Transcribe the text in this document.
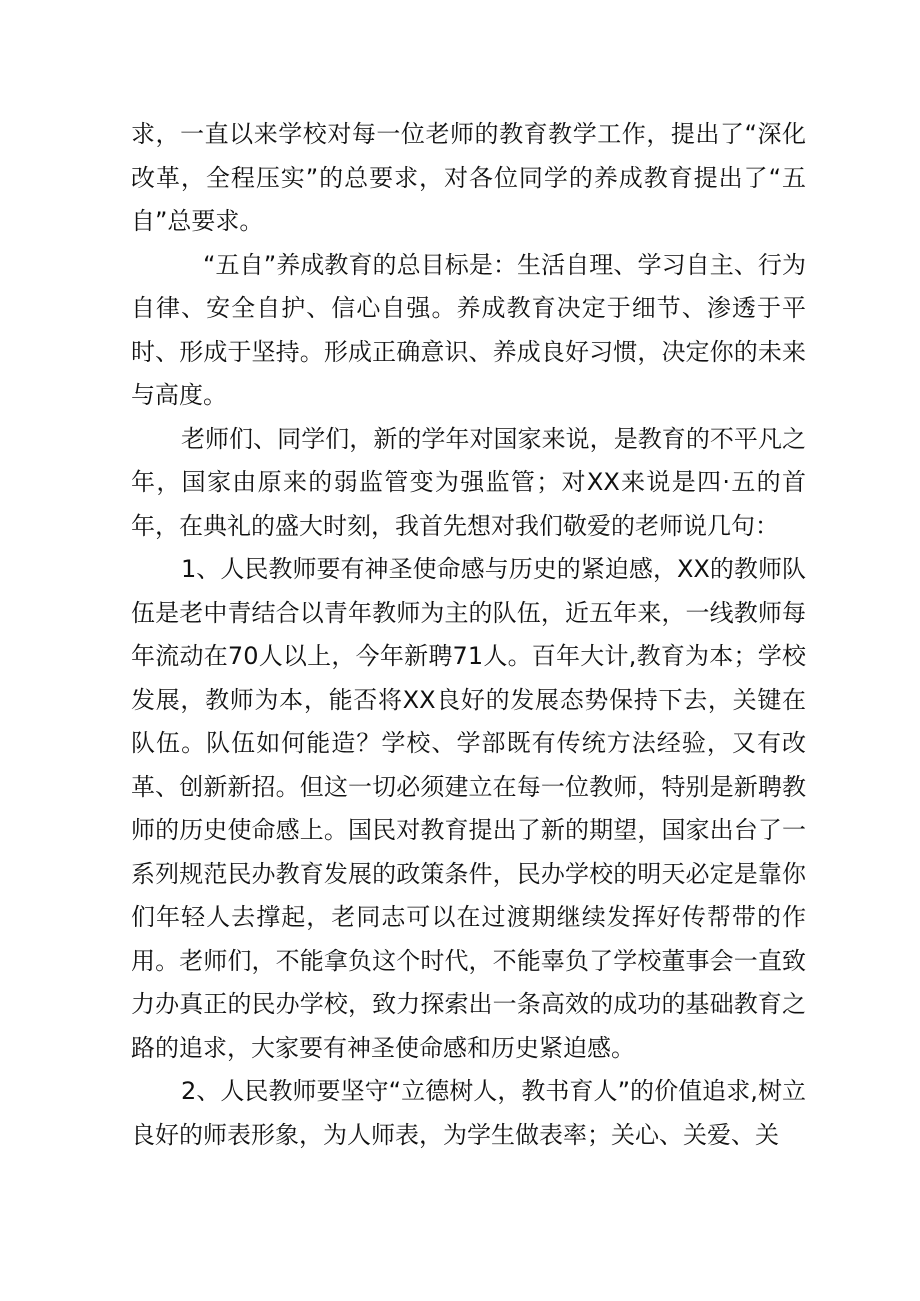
求，一直以来学校对每一位老师的教育教学工作，提出了“深化改革，全程压实”的总要求，对各位同学的养成教育提出了“五自”总要求。

“五自”养成教育的总目标是：生活自理、学习自主、行为自律、安全自护、信心自强。养成教育决定于细节、渗透于平时、形成于坚持。形成正确意识、养成良好习惯，决定你的未来与高度。

老师们、同学们，新的学年对国家来说，是教育的不平凡之年，国家由原来的弱监管变为强监管；对XX来说是四·五的首年，在典礼的盛大时刻，我首先想对我们敬爱的老师说几句：

1、人民教师要有神圣使命感与历史的紧迫感，XX的教师队伍是老中青结合以青年教师为主的队伍，近五年来，一线教师每年流动在70人以上，今年新聘71人。百年大计,教育为本；学校发展，教师为本，能否将XX良好的发展态势保持下去，关键在队伍。队伍如何能造？学校、学部既有传统方法经验，又有改革、创新新招。但这一切必须建立在每一位教师，特别是新聘教师的历史使命感上。国民对教育提出了新的期望，国家出台了一系列规范民办教育发展的政策条件，民办学校的明天必定是靠你们年轻人去撑起，老同志可以在过渡期继续发挥好传帮带的作用。老师们，不能拿负这个时代，不能辜负了学校董事会一直致力办真正的民办学校，致力探索出一条高效的成功的基础教育之路的追求，大家要有神圣使命感和历史紧迫感。

2、人民教师要坚守“立德树人，教书育人”的价值追求,树立良好的师表形象，为人师表，为学生做表率；关心、关爱、关
